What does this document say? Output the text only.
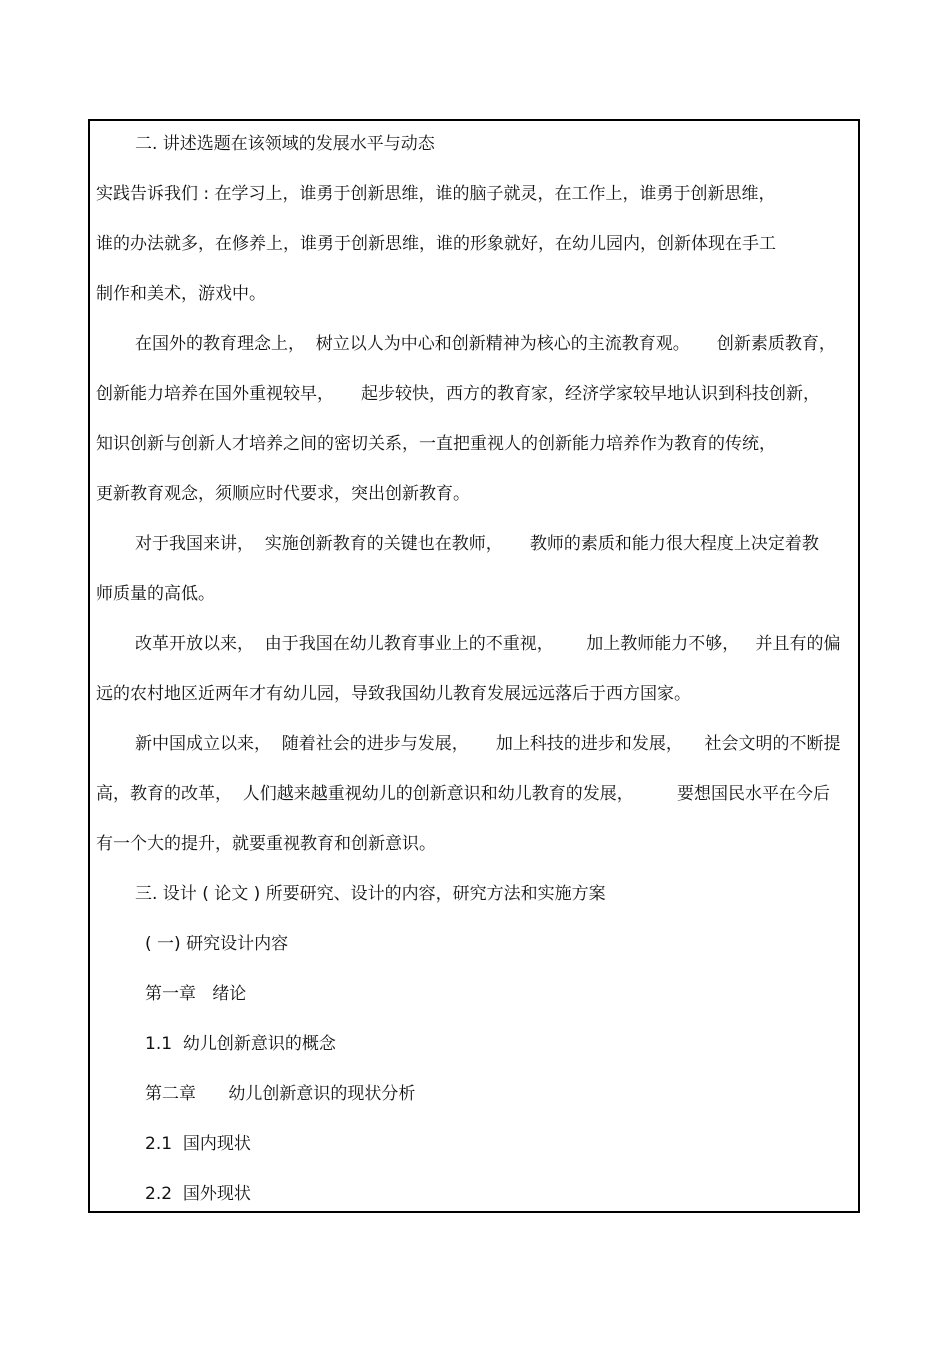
二. 讲述选题在该领域的发展水平与动态
实践告诉我们 : 在学习上，谁勇于创新思维，谁的脑子就灵，在工作上，谁勇于创新思维，
谁的办法就多，在修养上，谁勇于创新思维，谁的形象就好，在幼儿园内，创新体现在手工
制作和美术，游戏中。
在国外的教育理念上，  树立以人为中心和创新精神为核心的主流教育观。     创新素质教育，
创新能力培养在国外重视较早，     起步较快，西方的教育家，经济学家较早地认识到科技创新，
知识创新与创新人才培养之间的密切关系，一直把重视人的创新能力培养作为教育的传统，
更新教育观念，须顺应时代要求，突出创新教育。
对于我国来讲，  实施创新教育的关键也在教师，     教师的素质和能力很大程度上决定着教
师质量的高低。
改革开放以来，  由于我国在幼儿教育事业上的不重视，      加上教师能力不够，   并且有的偏
远的农村地区近两年才有幼儿园，导致我国幼儿教育发展远远落后于西方国家。
新中国成立以来，  随着社会的进步与发展，     加上科技的进步和发展，    社会文明的不断提
高，教育的改革，  人们越来越重视幼儿的创新意识和幼儿教育的发展，        要想国民水平在今后
有一个大的提升，就要重视教育和创新意识。
三. 设计 ( 论文 ) 所要研究、设计的内容，研究方法和实施方案
( 一) 研究设计内容
第一章   绪论
1.1  幼儿创新意识的概念
第二章      幼儿创新意识的现状分析
2.1  国内现状
2.2  国外现状
